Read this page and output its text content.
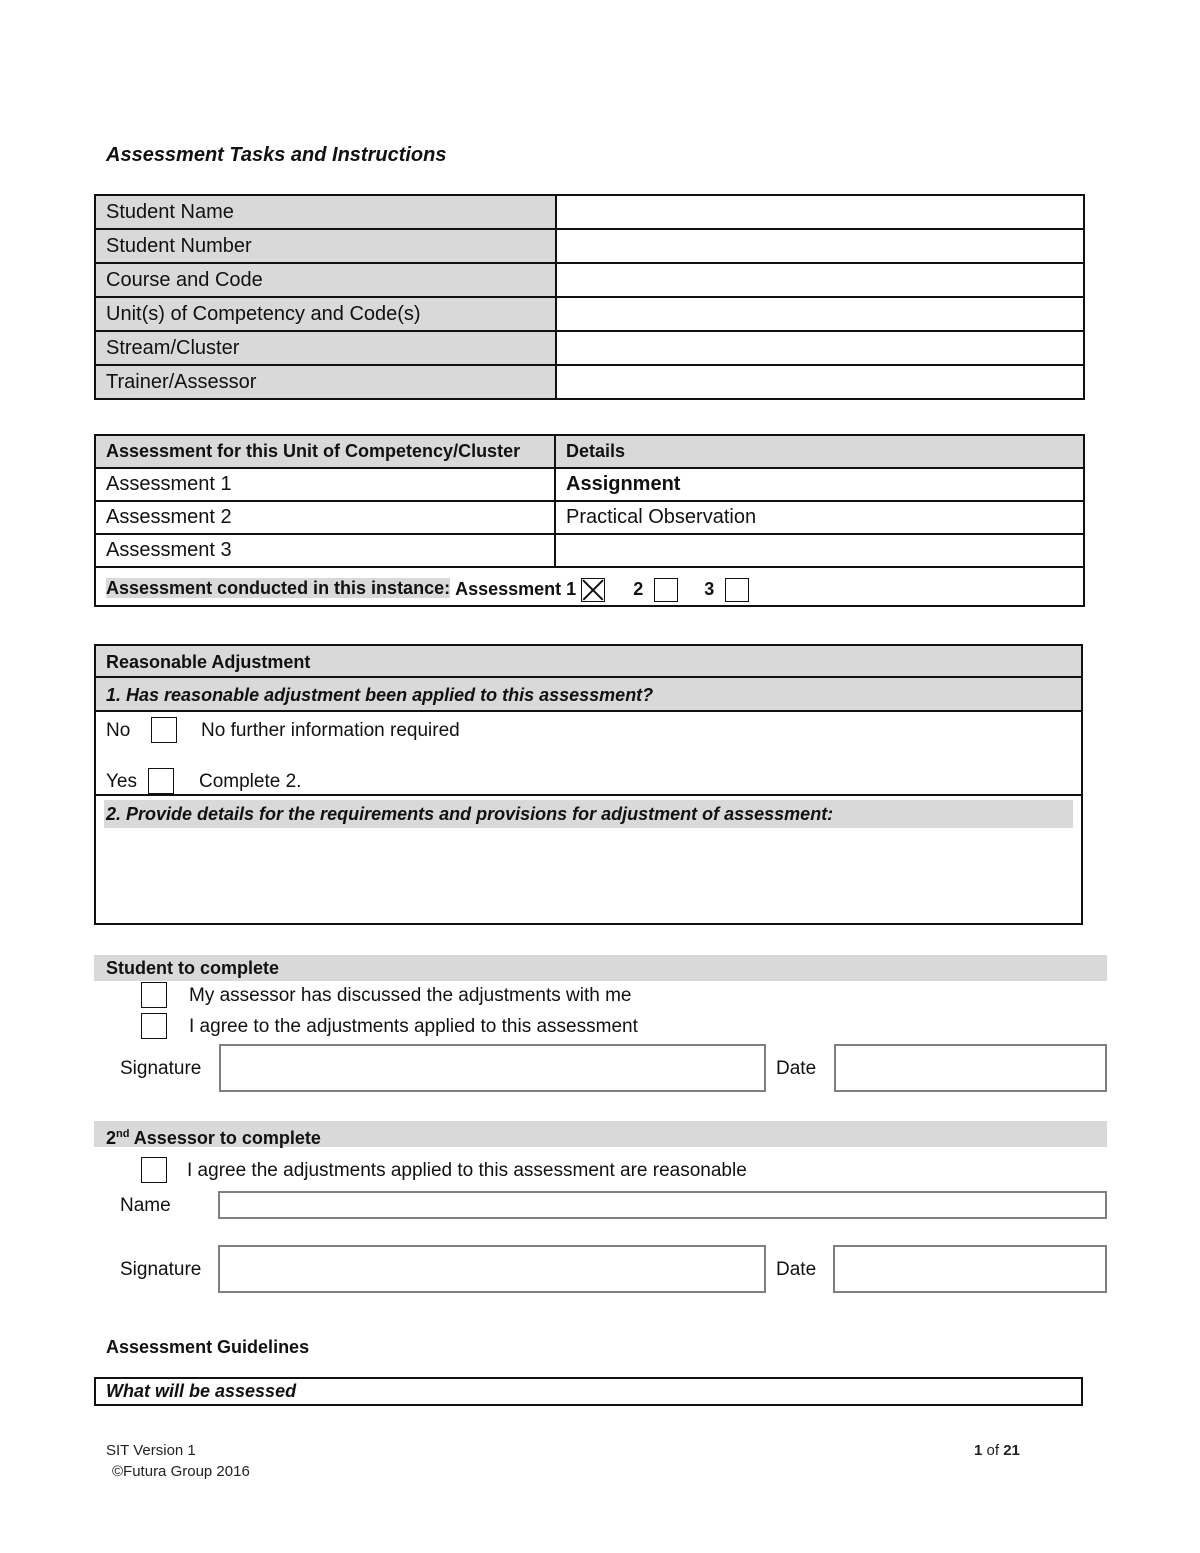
Assessment Tasks and Instructions
Student Name	
Student Number	
Course and Code	
Unit(s) of Competency and Code(s)	
Stream/Cluster	
Trainer/Assessor	
Assessment for this Unit of Competency/Cluster	Details
Assessment 1	Assignment
Assessment 2	Practical Observation
Assessment 3	
Assessment conducted in this instance: Assessment 1 2 3	
Reasonable Adjustment
1. Has reasonable adjustment been applied to this assessment?
No	No further information required
Yes	Complete 2.
2. Provide details for the requirements and provisions for adjustment of assessment:
Student to complete
My assessor has discussed the adjustments with me
I agree to the adjustments applied to this assessment
Signature	Date
2nd Assessor to complete
I agree the adjustments applied to this assessment are reasonable
Name
Signature	Date
Assessment Guidelines
What will be assessed
SIT Version 1
©Futura Group 2016
1 of 21
